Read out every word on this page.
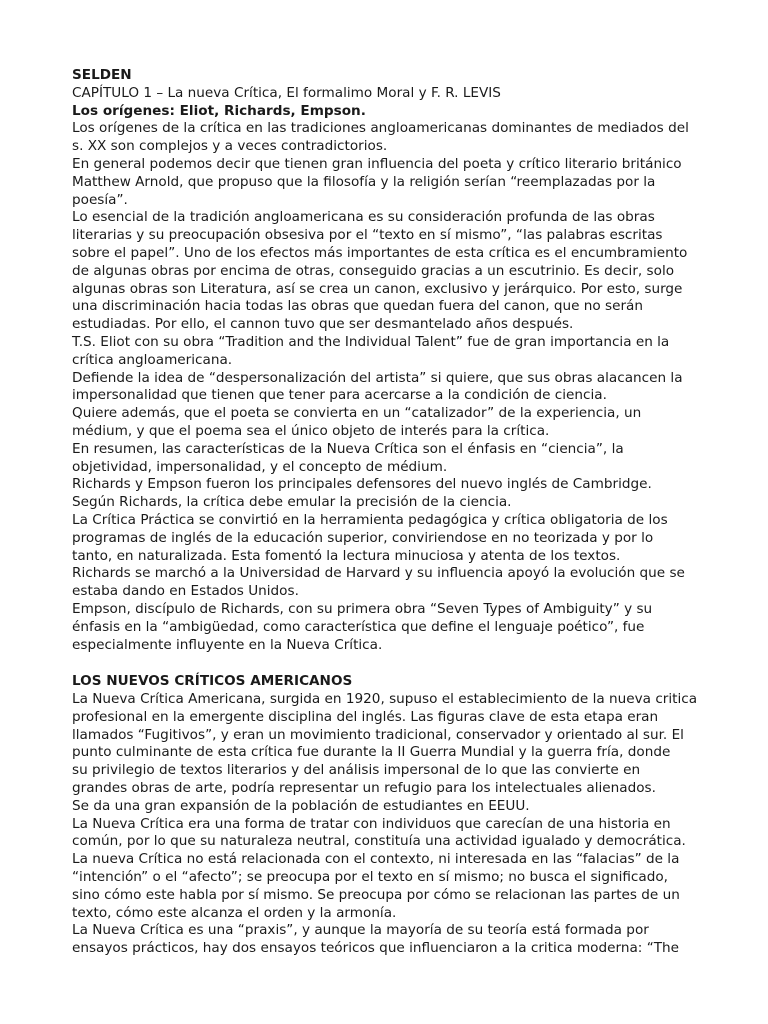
SELDEN
CAPÍTULO 1 – La nueva Crítica, El formalimo Moral y F. R. LEVIS
Los orígenes: Eliot, Richards, Empson.
Los orígenes de la crítica en las tradiciones angloamericanas dominantes de mediados del
s. XX son complejos y a veces contradictorios.
En general podemos decir que tienen gran influencia del poeta y crítico literario británico
Matthew Arnold, que propuso que la filosofía y la religión serían “reemplazadas por la
poesía”.
Lo esencial de la tradición angloamericana es su consideración profunda de las obras
literarias y su preocupación obsesiva por el “texto en sí mismo”, “las palabras escritas
sobre el papel”. Uno de los efectos más importantes de esta crítica es el encumbramiento
de algunas obras por encima de otras, conseguido gracias a un escutrinio. Es decir, solo
algunas obras son Literatura, así se crea un canon, exclusivo y jerárquico. Por esto, surge
una discriminación hacia todas las obras que quedan fuera del canon, que no serán
estudiadas. Por ello, el cannon tuvo que ser desmantelado años después.
T.S. Eliot con su obra “Tradition and the Individual Talent” fue de gran importancia en la
crítica angloamericana.
Defiende la idea de “despersonalización del artista” si quiere, que sus obras alacancen la
impersonalidad que tienen que tener para acercarse a la condición de ciencia.
Quiere además, que el poeta se convierta en un “catalizador” de la experiencia, un
médium, y que el poema sea el único objeto de interés para la crítica.
En resumen, las características de la Nueva Crítica son el énfasis en “ciencia”, la
objetividad, impersonalidad, y el concepto de médium.
Richards y Empson fueron los principales defensores del nuevo inglés de Cambridge.
Según Richards, la crítica debe emular la precisión de la ciencia.
La Crítica Práctica se convirtió en la herramienta pedagógica y crítica obligatoria de los
programas de inglés de la educación superior, conviriendose en no teorizada y por lo
tanto, en naturalizada. Esta fomentó la lectura minuciosa y atenta de los textos.
Richards se marchó a la Universidad de Harvard y su influencia apoyó la evolución que se
estaba dando en Estados Unidos.
Empson, discípulo de Richards, con su primera obra “Seven Types of Ambiguity” y su
énfasis en la “ambigüedad, como característica que define el lenguaje poético”, fue
especialmente influyente en la Nueva Crítica.
LOS NUEVOS CRÍTICOS AMERICANOS
La Nueva Crítica Americana, surgida en 1920, supuso el establecimiento de la nueva critica
profesional en la emergente disciplina del inglés. Las figuras clave de esta etapa eran
llamados “Fugitivos”, y eran un movimiento tradicional, conservador y orientado al sur. El
punto culminante de esta crítica fue durante la II Guerra Mundial y la guerra fría, donde
su privilegio de textos literarios y del análisis impersonal de lo que las convierte en
grandes obras de arte, podría representar un refugio para los intelectuales alienados.
Se da una gran expansión de la población de estudiantes en EEUU.
La Nueva Crítica era una forma de tratar con individuos que carecían de una historia en
común, por lo que su naturaleza neutral, constituía una actividad igualado y democrática.
La nueva Crítica no está relacionada con el contexto, ni interesada en las “falacias” de la
“intención” o el “afecto”; se preocupa por el texto en sí mismo; no busca el significado,
sino cómo este habla por sí mismo. Se preocupa por cómo se relacionan las partes de un
texto, cómo este alcanza el orden y la armonía.
La Nueva Crítica es una “praxis”, y aunque la mayoría de su teoría está formada por
ensayos prácticos, hay dos ensayos teóricos que influenciaron a la critica moderna: “The
